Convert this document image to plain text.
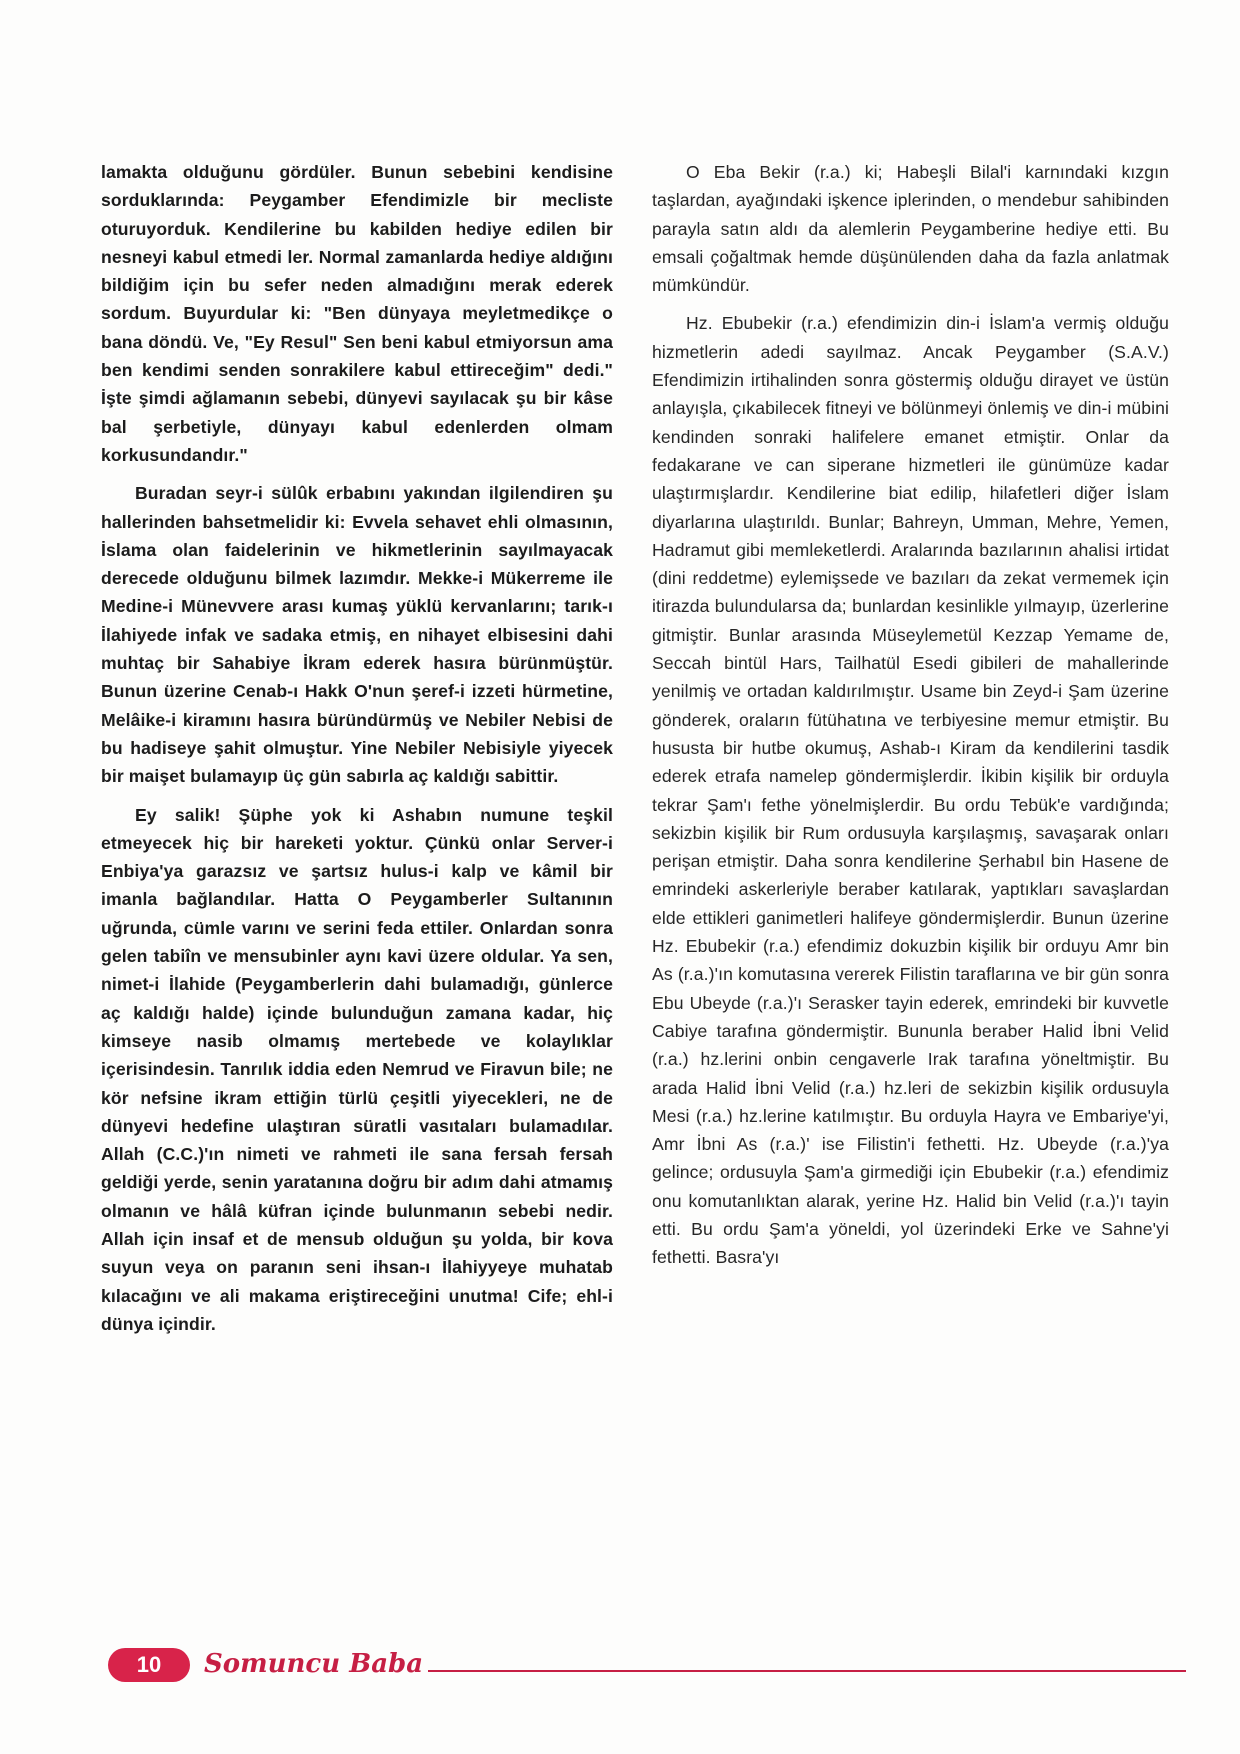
lamakta olduğunu gördüler. Bunun sebebini kendisine sorduklarında: Peygamber Efendimizle bir mecliste oturuyorduk. Kendilerine bu kabilden hediye edilen bir nesneyi kabul etmedi ler. Normal zamanlarda hediye aldığını bildiğim için bu sefer neden almadığını merak ederek sordum. Buyurdular ki: "Ben dünyaya meyletmedikçe o bana döndü. Ve, "Ey Resul" Sen beni kabul etmiyorsun ama ben kendimi senden sonrakilere kabul ettireceğim" dedi." İşte şimdi ağlamanın sebebi, dünyevi sayılacak şu bir kâse bal şerbetiyle, dünyayı kabul edenlerden olmam korkusundandır."

Buradan seyr-i sülûk erbabını yakından ilgilendiren şu hallerinden bahsetmelidir ki: Evvela sehavet ehli olmasının, İslama olan faidelerinin ve hikmetlerinin sayılmayacak derecede olduğunu bilmek lazımdır. Mekke-i Mükerreme ile Medine-i Münevvere arası kumaş yüklü kervanlarını; tarık-ı İlahiyede infak ve sadaka etmiş, en nihayet elbisesini dahi muhtaç bir Sahabiye İkram ederek hasıra bürünmüştür. Bunun üzerine Cenab-ı Hakk O'nun şeref-i izzeti hürmetine, Melâike-i kiramını hasıra büründürmüş ve Nebiler Nebisi de bu hadiseye şahit olmuştur. Yine Nebiler Nebisiyle yiyecek bir maişet bulamayıp üç gün sabırla aç kaldığı sabittir.

Ey salik! Şüphe yok ki Ashabın numune teşkil etmeyecek hiç bir hareketi yoktur. Çünkü onlar Server-i Enbiya'ya garazsız ve şartsız hulus-i kalp ve kâmil bir imanla bağlandılar. Hatta O Peygamberler Sultanının uğrunda, cümle varını ve serini feda ettiler. Onlardan sonra gelen tabiîn ve mensubinler aynı kavi üzere oldular. Ya sen, nimet-i İlahide (Peygamberlerin dahi bulamadığı, günlerce aç kaldığı halde) içinde bulunduğun zamana kadar, hiç kimseye nasib olmamış mertebede ve kolaylıklar içerisindesin. Tanrılık iddia eden Nemrud ve Firavun bile; ne kör nefsine ikram ettiğin türlü çeşitli yiyecekleri, ne de dünyevi hedefine ulaştıran süratli vasıtaları bulamadılar. Allah (C.C.)'ın nimeti ve rahmeti ile sana fersah fersah geldiği yerde, senin yaratanına doğru bir adım dahi atmamış olmanın ve hâlâ küfran içinde bulunmanın sebebi nedir. Allah için insaf et de mensub olduğun şu yolda, bir kova suyun veya on paranın seni ihsan-ı İlahiyyeye muhatab kılacağını ve ali makama eriştireceğini unutma! Cife; ehl-i dünya içindir.

O Eba Bekir (r.a.) ki; Habeşli Bilal'i karnındaki kızgın taşlardan, ayağındaki işkence iplerinden, o mendebur sahibinden parayla satın aldı da alemlerin Peygamberine hediye etti. Bu emsali çoğaltmak hemde düşünülenden daha da fazla anlatmak mümkündür.

Hz. Ebubekir (r.a.) efendimizin din-i İslam'a vermiş olduğu hizmetlerin adedi sayılmaz. Ancak Peygamber (S.A.V.) Efendimizin irtihalinden sonra göstermiş olduğu dirayet ve üstün anlayışla, çıkabilecek fitneyi ve bölünmeyi önlemiş ve din-i mübini kendinden sonraki halifelere emanet etmiştir. Onlar da fedakarane ve can siperane hizmetleri ile günümüze kadar ulaştırmışlardır. Kendilerine biat edilip, hilafetleri diğer İslam diyarlarına ulaştırıldı. Bunlar; Bahreyn, Umman, Mehre, Yemen, Hadramut gibi memleketlerdi. Aralarında bazılarının ahalisi irtidat (dini reddetme) eylemişsede ve bazıları da zekat vermemek için itirazda bulundularsa da; bunlardan kesinlikle yılmayıp, üzerlerine gitmiştir. Bunlar arasında Müseylemetül Kezzap Yemame de, Seccah bintül Hars, Tailhatül Esedi gibileri de mahallerinde yenilmiş ve ortadan kaldırılmıştır. Usame bin Zeyd-i Şam üzerine gönderek, oraların fütühatına ve terbiyesine memur etmiştir. Bu hususta bir hutbe okumuş, Ashab-ı Kiram da kendilerini tasdik ederek etrafa namelер göndermişlerdir. İkibin kişilik bir orduyla tekrar Şam'ı fethe yönelmişlerdir. Bu ordu Tebük'e vardığında; sekizbin kişilik bir Rum ordusuyla karşılaşmış, savaşarak onları perişan etmiştir. Daha sonra kendilerine Şerhabıl bin Hasene de emrindeki askerleriyle beraber katılarak, yaptıkları savaşlardan elde ettikleri ganimetleri halifeye göndermişlerdir. Bunun üzerine Hz. Ebubekir (r.a.) efendimiz dokuzbin kişilik bir orduyu Amr bin As (r.a.)'ın komutasına vererek Filistin taraflarına ve bir gün sonra Ebu Ubeyde (r.a.)'ı Serasker tayin ederek, emrindeki bir kuvvetle Cabiye tarafına göndermiştir. Bununla beraber Halid İbni Velid (r.a.) hz.lerini onbin cengaverle Irak tarafına yöneltmiştir. Bu arada Halid İbni Velid (r.a.) hz.leri de sekizbin kişilik ordusuyla Mesi (r.a.) hz.lerine katılmıştır. Bu orduyla Hayra ve Embariye'yi, Amr İbni As (r.a.)' ise Filistin'i fethetti. Hz. Ubeyde (r.a.)'ya gelince; ordusuyla Şam'a girmediği için Ebubekir (r.a.) efendimiz onu komutanlıktan alarak, yerine Hz. Halid bin Velid (r.a.)'ı tayin etti. Bu ordu Şam'a yöneldi, yol üzerindeki Erke ve Sahne'yi fethetti. Basra'yı

10	Somuncu Baba
